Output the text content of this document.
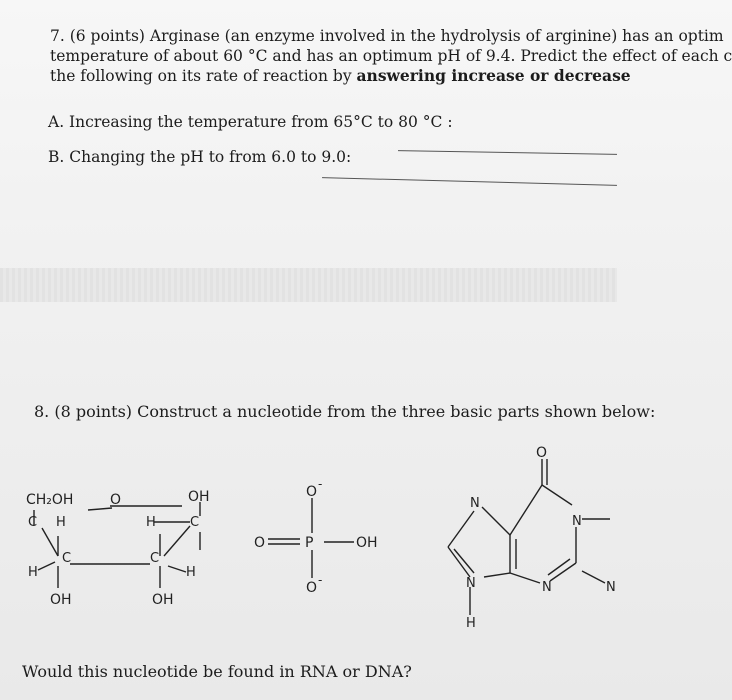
7. (6 points) Arginase (an enzyme involved in the hydrolysis of arginine) has an optim
temperature of about 60 °C and has an optimum pH of 9.4. Predict the effect of each c
the following on its rate of reaction by answering increase or decrease
A. Increasing the temperature from 65°C to 80 °C :
B. Changing the pH to from 6.0 to 9.0:
8. (8 points) Construct a nucleotide from the three basic parts shown below:
CH₂OH	O	OH
C H	H	C
C	C
H	H
OH	OH
O -
O	P	OH
O -
O
N
N
N	N	N
H
Would this nucleotide be found in RNA or DNA?
